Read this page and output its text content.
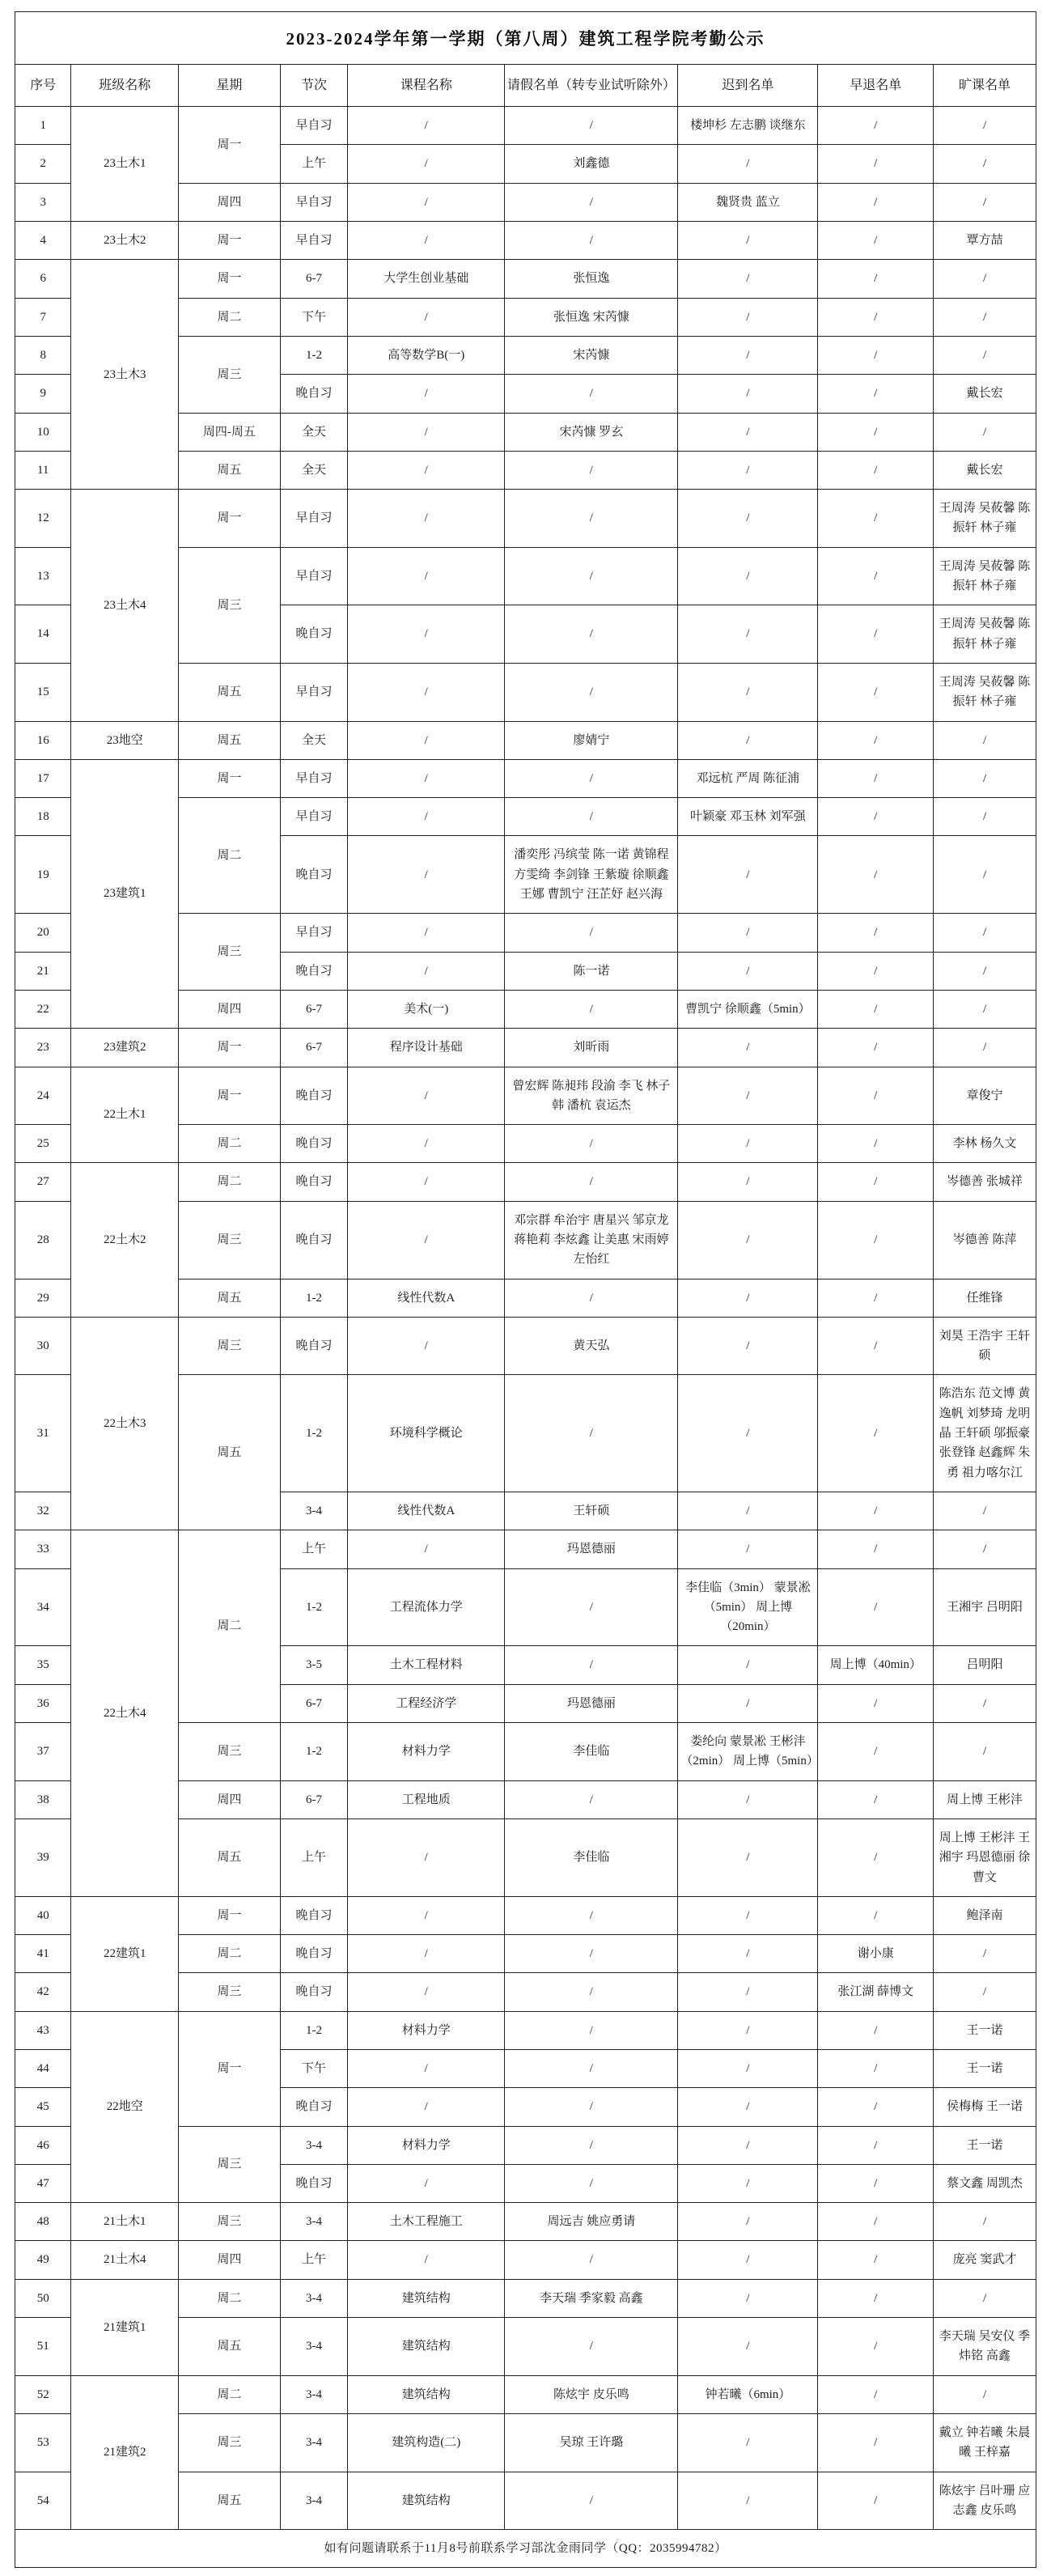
2023-2024学年第一学期（第八周）建筑工程学院考勤公示								
序号	班级名称	星期	节次	课程名称	请假名单（转专业试听除外）	迟到名单	早退名单	旷课名单
1	23土木1	周一	早自习	/	/	楼坤杉 左志鹏 谈继东	/	/
2			上午	/	刘鑫德	/	/	/
3		周四	早自习	/	/	魏贤贵 蓝立	/	/
4	23土木2	周一	早自习	/	/	/	/	覃方喆
6	23土木3	周一	6-7	大学生创业基础	张恒逸	/	/	/
7		周二	下午	/	张恒逸 宋芮慷	/	/	/
8		周三	1-2	高等数学B(一)	宋芮慷	/	/	/
9			晚自习	/	/	/	/	戴长宏
10		周四-周五	全天	/	宋芮慷 罗玄	/	/	/
11		周五	全天	/	/	/	/	戴长宏
12	23土木4	周一	早自习	/	/	/	/	王周涛 吴莜馨 陈振轩 林子雍
13		周三	早自习	/	/	/	/	王周涛 吴莜馨 陈振轩 林子雍
14			晚自习	/	/	/	/	王周涛 吴莜馨 陈振轩 林子雍
15		周五	早自习	/	/	/	/	王周涛 吴莜馨 陈振轩 林子雍
16	23地空	周五	全天	/	廖婧宁	/	/	/
17	23建筑1	周一	早自习	/	/	邓远杭 严周 陈征浦	/	/
18		周二	早自习	/	/	叶颖豪 邓玉林 刘军强	/	/
19			晚自习	/	潘奕彤 冯缤莹 陈一诺 黄锦程 方雯绮 李剑锋 王紫璇 徐顺鑫 王娜 曹凯宁 汪芷妤 赵兴海	/	/	/
20		周三	早自习	/	/	/	/	/
21			晚自习	/	陈一诺	/	/	/
22		周四	6-7	美术(一)	/	曹凯宁 徐顺鑫（5min）	/	/
23	23建筑2	周一	6-7	程序设计基础	刘昕雨	/	/	/
24	22土木1	周一	晚自习	/	曾宏辉 陈昶玮 段渝 李飞 林子韩 潘杭 袁运杰	/	/	章俊宁
25		周二	晚自习	/	/	/	/	李林 杨久文
27	22土木2	周二	晚自习	/	/	/	/	岑德善 张城祥
28		周三	晚自习	/	邓宗群 牟治宇 唐星兴 邹京龙 蒋艳莉 李炫鑫 让美惠 宋雨婷 左怡红	/	/	岑德善 陈萍
29		周五	1-2	线性代数A	/	/	/	任维锋
30	22土木3	周三	晚自习	/	黄天弘	/	/	刘昊 王浩宇 王轩硕
31		周五	1-2	环境科学概论	/	/	/	陈浩东 范文博 黄逸帆 刘梦琦 龙明晶 王轩硕 邬振豪 张登锋 赵鑫辉 朱勇 祖力喀尔江
32			3-4	线性代数A	王轩硕	/	/	/
33	22土木4	周二	上午	/	玛恩德丽	/	/	/
34			1-2	工程流体力学	/	李佳临（3min） 蒙景凇（5min） 周上博（20min）	/	王湘宇 吕明阳
35			3-5	土木工程材料	/	/	周上博（40min）	吕明阳
36			6-7	工程经济学	玛恩德丽	/	/	/
37		周三	1-2	材料力学	李佳临	娄纶向 蒙景凇 王彬沣（2min） 周上博（5min）	/	/
38		周四	6-7	工程地质	/	/	/	周上博 王彬沣
39		周五	上午	/	李佳临	/	/	周上博 王彬沣 王湘宇 玛恩德丽 徐曹文
40	22建筑1	周一	晚自习	/	/	/	/	鲍泽南
41		周二	晚自习	/	/	/	谢小康	/
42		周三	晚自习	/	/	/	张江湖 薛博文	/
43	22地空	周一	1-2	材料力学	/	/	/	王一诺
44			下午	/	/	/	/	王一诺
45			晚自习	/	/	/	/	侯梅梅 王一诺
46		周三	3-4	材料力学	/	/	/	王一诺
47			晚自习	/	/	/	/	蔡文鑫 周凯杰
48	21土木1	周三	3-4	土木工程施工	周远吉 姚应勇请	/	/	/
49	21土木4	周四	上午	/	/	/	/	庞亮 窦武才
50	21建筑1	周二	3-4	建筑结构	李天瑞 季家毅 高鑫	/	/	/
51		周五	3-4	建筑结构	/	/	/	李天瑞 吴安仪 季炜铭 高鑫
52	21建筑2	周二	3-4	建筑结构	陈炫宇 皮乐鸣	钟若曦（6min）	/	/
53		周三	3-4	建筑构造(二)	吴琼 王许璐	/	/	戴立 钟若曦 朱晨曦 王梓嘉
54		周五	3-4	建筑结构	/	/	/	陈炫宇 吕叶珊 应志鑫 皮乐鸣
如有问题请联系于11月8号前联系学习部沈金雨同学（QQ：2035994782）								
